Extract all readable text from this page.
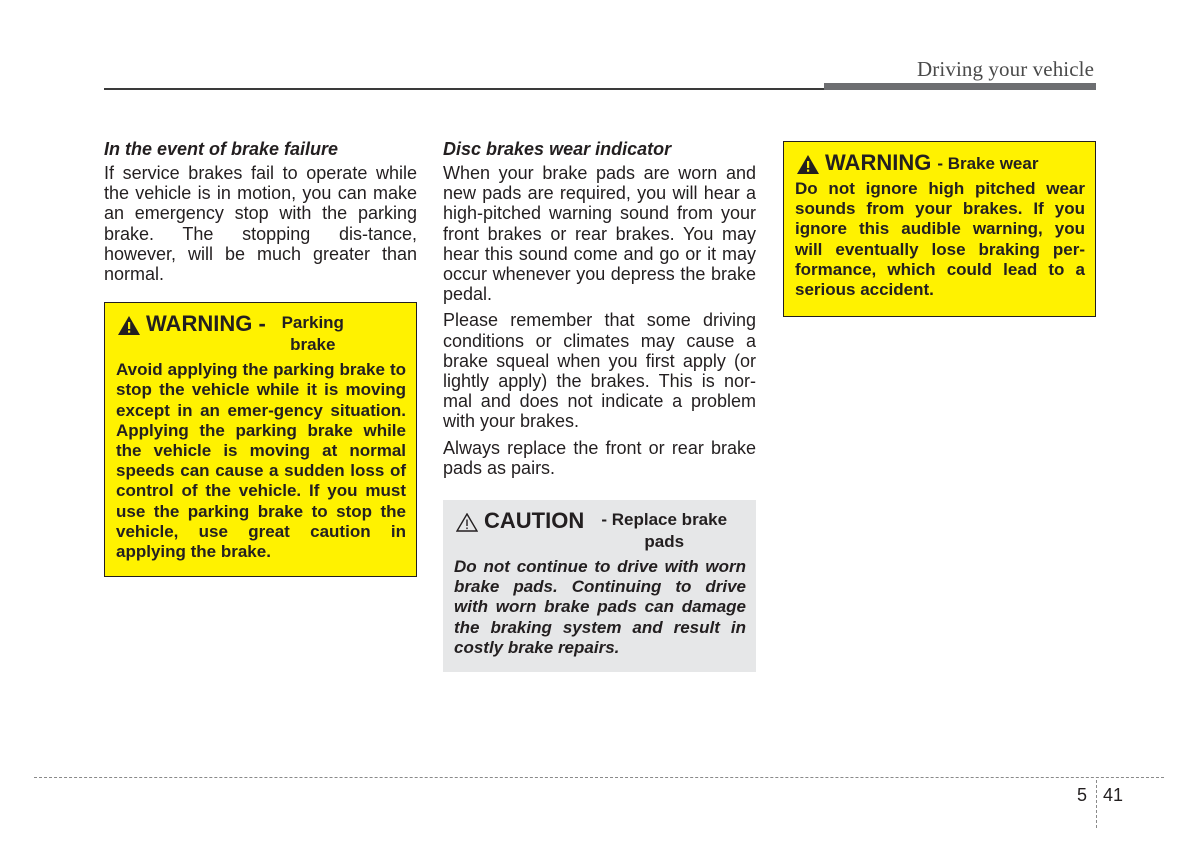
Driving your vehicle

In the event of brake failure

If service brakes fail to operate while the vehicle is in motion, you can make an emergency stop with the parking brake. The stopping dis-tance, however, will be much greater than normal.

WARNING - Parking brake

Avoid applying the parking brake to stop the vehicle while it is moving except in an emer-gency situation. Applying the parking brake while the vehicle is moving at normal speeds can cause a sudden loss of control of the vehicle. If you must use the parking brake to stop the vehicle, use great caution in applying the brake.

Disc brakes wear indicator

When your brake pads are worn and new pads are required, you will hear a high-pitched warning sound from your front brakes or rear brakes. You may hear this sound come and go or it may occur whenever you depress the brake pedal.

Please remember that some driving conditions or climates may cause a brake squeal when you first apply (or lightly apply) the brakes. This is nor-mal and does not indicate a problem with your brakes.

Always replace the front or rear brake pads as pairs.

CAUTION	- Replace brake pads

Do not continue to drive with worn brake pads. Continuing to drive with worn brake pads can damage the braking system and result in costly brake repairs.

WARNING - Brake wear

Do not ignore high pitched wear sounds from your brakes. If you ignore this audible warning, you will eventually lose braking per-formance, which could lead to a serious accident.

5 41
